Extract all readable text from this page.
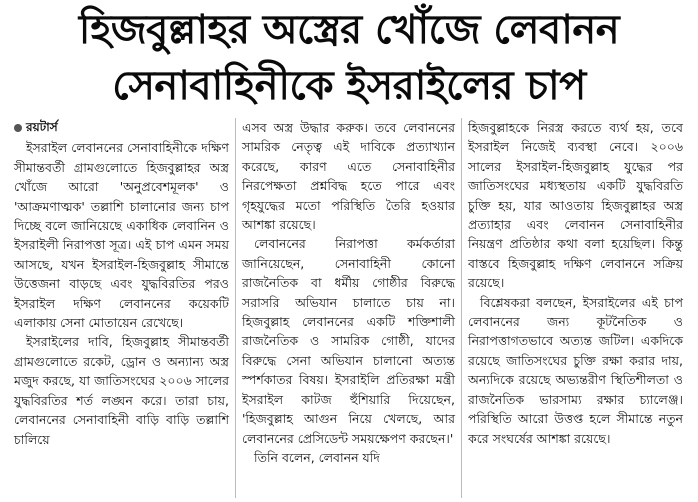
হিজবুল্লাহর অস্ত্রের খোঁজে লেবানন সেনাবাহিনীকে ইসরাইলের চাপ
রয়টার্স

ইসরাইল লেবাননের সেনাবাহিনীকে দক্ষিণ সীমান্তবর্তী গ্রামগুলোতে হিজবুল্লাহর অস্ত্র খোঁজে আরো 'অনুপ্রবেশমূলক' ও 'আক্রমণাত্মক' তল্লাশি চালানোর জন্য চাপ দিচ্ছে বলে জানিয়েছে একাধিক লেবানিন ও ইসরাইলী নিরাপত্তা সূত্র। এই চাপ এমন সময় আসছে, যখন ইসরাইল-হিজবুল্লাহ সীমান্তে উত্তেজনা বাড়ছে এবং যুদ্ধবিরতির পরও ইসরাইল দক্ষিণ লেবাননের কয়েকটি এলাকায় সেনা মোতায়েন রেখেছে।

ইসরাইলের দাবি, হিজবুল্লাহ সীমান্তবর্তী গ্রামগুলোতে রকেট, ড্রোন ও অন্যান্য অস্ত্র মজুদ করছে, যা জাতিসংঘের ২০০৬ সালের যুদ্ধবিরতির শর্ত লঙ্ঘন করে। তারা চায়, লেবাননের সেনাবাহিনী বাড়ি বাড়ি তল্লাশি চালিয়ে

এসব অস্ত্র উদ্ধার করুক। তবে লেবাননের সামরিক নেতৃত্ব এই দাবিকে প্রত্যাখ্যান করেছে, কারণ এতে সেনাবাহিনীর নিরপেক্ষতা প্রশ্নবিদ্ধ হতে পারে এবং গৃহযুদ্ধের মতো পরিস্থিতি তৈরি হওয়ার আশঙ্কা রয়েছে।

লেবাননের নিরাপত্তা কর্মকর্তারা জানিয়েছেন, সেনাবাহিনী কোনো রাজনৈতিক বা ধর্মীয় গোষ্ঠীর বিরুদ্ধে সরাসরি অভিযান চালাতে চায় না। হিজবুল্লাহ লেবাননের একটি শক্তিশালী রাজনৈতিক ও সামরিক গোষ্ঠী, যাদের বিরুদ্ধে সেনা অভিযান চালানো অত্যন্ত স্পর্শকাতর বিষয়। ইসরাইলি প্রতিরক্ষা মন্ত্রী ইসরাইল কাটজ হুঁশিয়ারি দিয়েছেন, 'হিজবুল্লাহ আগুন নিয়ে খেলছে, আর লেবাননের প্রেসিডেন্ট সময়ক্ষেপণ করছেন।'

তিনি বলেন, লেবানন যদি

হিজবুল্লাহকে নিরস্ত্র করতে ব্যর্থ হয়, তবে ইসরাইল নিজেই ব্যবস্থা নেবে। ২০০৬ সালের ইসরাইল-হিজবুল্লাহ যুদ্ধের পর জাতিসংঘের মধ্যস্থতায় একটি যুদ্ধবিরতি চুক্তি হয়, যার আওতায় হিজবুল্লাহর অস্ত্র প্রত্যাহার এবং লেবানন সেনাবাহিনীর নিয়ন্ত্রণ প্রতিষ্ঠার কথা বলা হয়েছিল। কিন্তু বাস্তবে হিজবুল্লাহ দক্ষিণ লেবাননে সক্রিয় রয়েছে।

বিশ্লেষকরা বলছেন, ইসরাইলের এই চাপ লেবাননের জন্য কূটনৈতিক ও নিরাপত্তাগতভাবে অত্যন্ত জটিল। একদিকে রয়েছে জাতিসংঘের চুক্তি রক্ষা করার দায়, অন্যদিকে রয়েছে অভ্যন্তরীণ স্থিতিশীলতা ও রাজনৈতিক ভারসাম্য রক্ষার চ্যালেঞ্জ। পরিস্থিতি আরো উত্তপ্ত হলে সীমান্তে নতুন করে সংঘর্ষের আশঙ্কা রয়েছে।
